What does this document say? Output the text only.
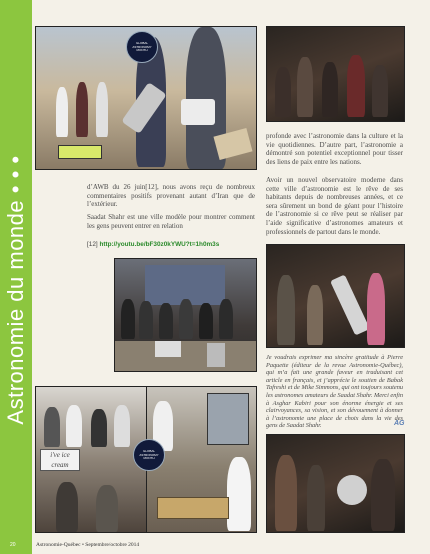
Astronomie du monde • • •
GLOBAL ASTRONOMY MONTH
d’AWB du 26 juin[12], nous avons reçu de nombreux commentaires positifs provenant autant d’Iran que de l’extérieur.
Saadat Shahr est une ville modèle pour montrer comment les gens peuvent entrer en relation
[12] http://youtu.be/bF30z0kYWU?t=1h0m3s
profonde avec l’astronomie dans la culture et la vie quotidiennes. D’autre part, l’astronomie a démontré son potentiel exceptionnel pour tisser des liens de paix entre les nations.
Avoir un nouvel observatoire moderne dans cette ville d’astronomie est le rêve de ses habitants depuis de nombreuses années, et ce sera sûrement un bond de géant pour l’histoire de l’astronomie si ce rêve peut se réaliser par l’aide significative d’astronomes amateurs et professionnels de partout dans le monde.
Je voudrais exprimer ma sincère gratitude à Pierre Paquette (éditeur de la revue Astronomie-Québec), qui m’a fait une grande faveur en traduisant cet article en français, et j’apprécie le soutien de Babak Tafreshi et de Mike Simmons, qui ont toujours soutenu les astronomes amateurs de Saadat Shahr. Merci enfin à Asghar Kabiri pour son énorme énergie et ses clairvoyances, sa vision, et son dévouement à donner à l’astronomie une place de choix dans la vie des gens de Saadat Shahr.	AG
i've ice cream
GLOBAL ASTRONOMY MONTH
20	Astronomie-Québec • Septembre/octobre 2014
